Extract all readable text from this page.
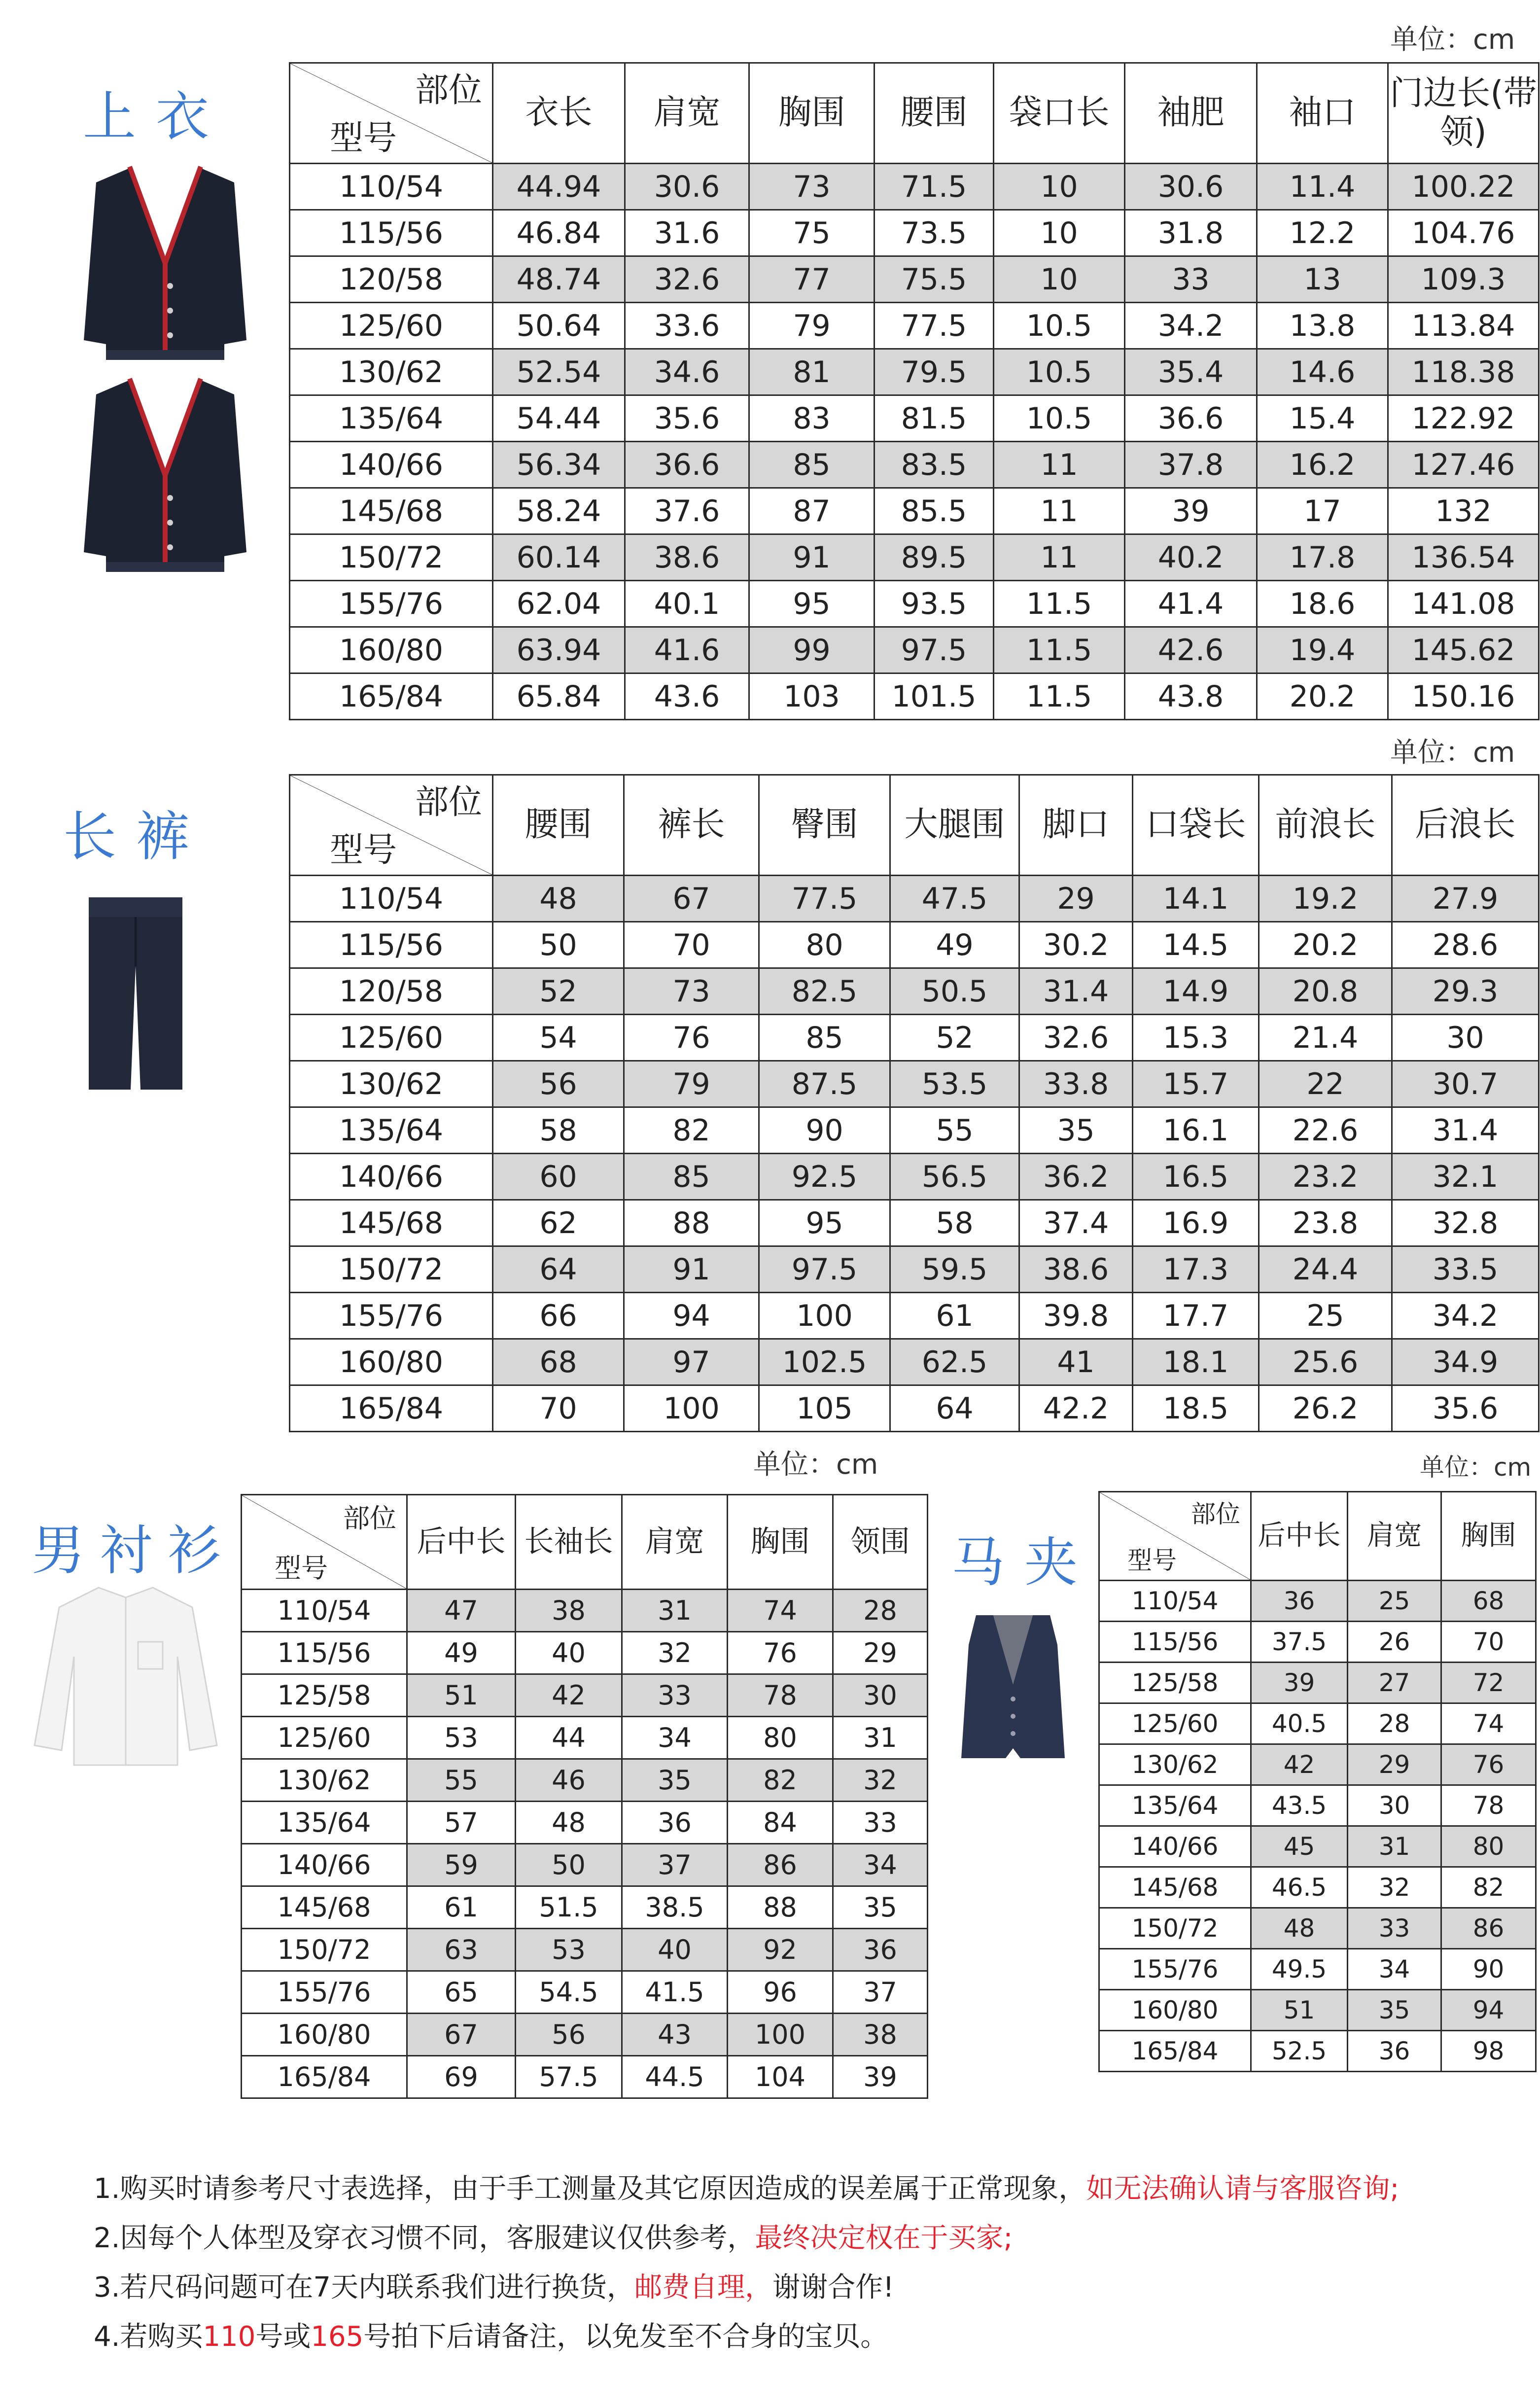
单位：cm
单位：cm
单位：cm	单位：cm
上衣
长裤
男衬衫	马夹
部位
型号	衣长	肩宽	胸围	腰围	袋口长	袖肥	袖口	门边长(带领)
110/54	44.94	30.6	73	71.5	10	30.6	11.4	100.22
115/56	46.84	31.6	75	73.5	10	31.8	12.2	104.76
120/58	48.74	32.6	77	75.5	10	33	13	109.3
125/60	50.64	33.6	79	77.5	10.5	34.2	13.8	113.84
130/62	52.54	34.6	81	79.5	10.5	35.4	14.6	118.38
135/64	54.44	35.6	83	81.5	10.5	36.6	15.4	122.92
140/66	56.34	36.6	85	83.5	11	37.8	16.2	127.46
145/68	58.24	37.6	87	85.5	11	39	17	132
150/72	60.14	38.6	91	89.5	11	40.2	17.8	136.54
155/76	62.04	40.1	95	93.5	11.5	41.4	18.6	141.08
160/80	63.94	41.6	99	97.5	11.5	42.6	19.4	145.62
165/84	65.84	43.6	103	101.5	11.5	43.8	20.2	150.16
部位
型号	腰围	裤长	臀围	大腿围	脚口	口袋长	前浪长	后浪长
110/54	48	67	77.5	47.5	29	14.1	19.2	27.9
115/56	50	70	80	49	30.2	14.5	20.2	28.6
120/58	52	73	82.5	50.5	31.4	14.9	20.8	29.3
125/60	54	76	85	52	32.6	15.3	21.4	30
130/62	56	79	87.5	53.5	33.8	15.7	22	30.7
135/64	58	82	90	55	35	16.1	22.6	31.4
140/66	60	85	92.5	56.5	36.2	16.5	23.2	32.1
145/68	62	88	95	58	37.4	16.9	23.8	32.8
150/72	64	91	97.5	59.5	38.6	17.3	24.4	33.5
155/76	66	94	100	61	39.8	17.7	25	34.2
160/80	68	97	102.5	62.5	41	18.1	25.6	34.9
165/84	70	100	105	64	42.2	18.5	26.2	35.6
部位
型号	后中长	长袖长	肩宽	胸围	领围
110/54	47	38	31	74	28
115/56	49	40	32	76	29
125/58	51	42	33	78	30
125/60	53	44	34	80	31
130/62	55	46	35	82	32
135/64	57	48	36	84	33
140/66	59	50	37	86	34
145/68	61	51.5	38.5	88	35
150/72	63	53	40	92	36
155/76	65	54.5	41.5	96	37
160/80	67	56	43	100	38
165/84	69	57.5	44.5	104	39
部位
型号	后中长	肩宽	胸围
110/54	36	25	68
115/56	37.5	26	70
125/58	39	27	72
125/60	40.5	28	74
130/62	42	29	76
135/64	43.5	30	78
140/66	45	31	80
145/68	46.5	32	82
150/72	48	33	86
155/76	49.5	34	90
160/80	51	35	94
165/84	52.5	36	98
1.购买时请参考尺寸表选择，由于手工测量及其它原因造成的误差属于正常现象，如无法确认请与客服咨询;
2.因每个人体型及穿衣习惯不同，客服建议仅供参考，最终决定权在于买家;
3.若尺码问题可在7天内联系我们进行换货，邮费自理，谢谢合作!
4.若购买110号或165号拍下后请备注，以免发至不合身的宝贝。
